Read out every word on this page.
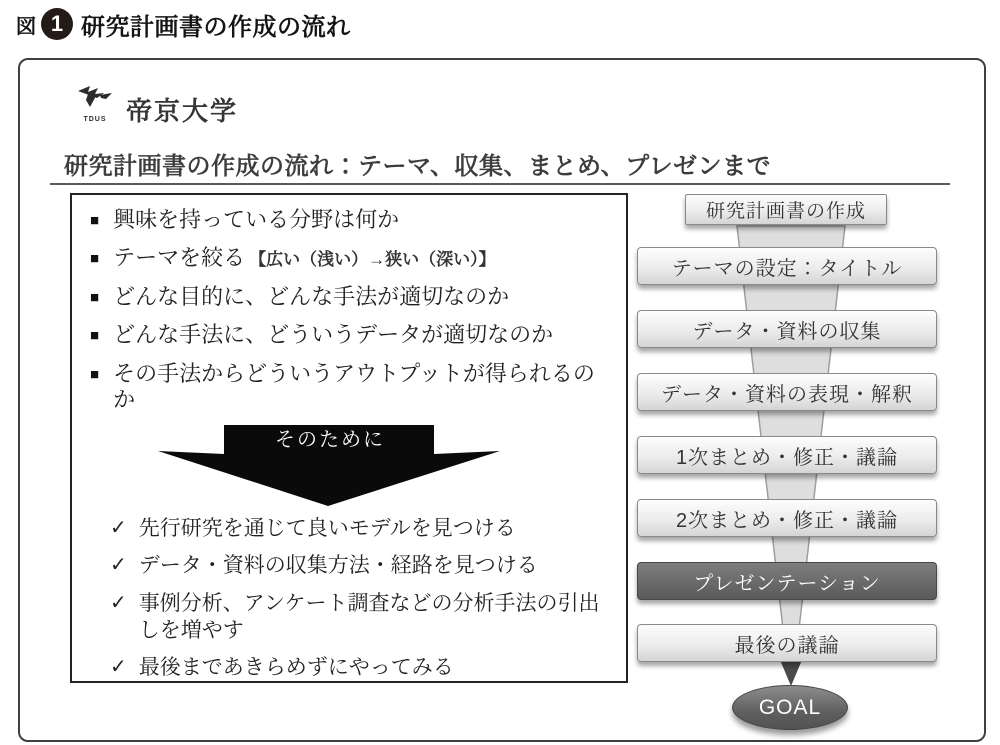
図 1 研究計画書の作成の流れ
TDUS 帝京大学
研究計画書の作成の流れ：テーマ、収集、まとめ、プレゼンまで
■ 興味を持っている分野は何か
■ テーマを絞る 【広い（浅い）→狭い（深い）】
■ どんな目的に、どんな手法が適切なのか
■ どんな手法に、どういうデータが適切なのか
■ その手法からどういうアウトプットが得られるのか
そのために
✓ 先行研究を通じて良いモデルを見つける
✓ データ・資料の収集方法・経路を見つける
✓ 事例分析、アンケート調査などの分析手法の引出しを増やす
✓ 最後まであきらめずにやってみる
研究計画書の作成
テーマの設定：タイトル
データ・資料の収集
データ・資料の表現・解釈
1次まとめ・修正・議論
2次まとめ・修正・議論
プレゼンテーション
最後の議論
GOAL
